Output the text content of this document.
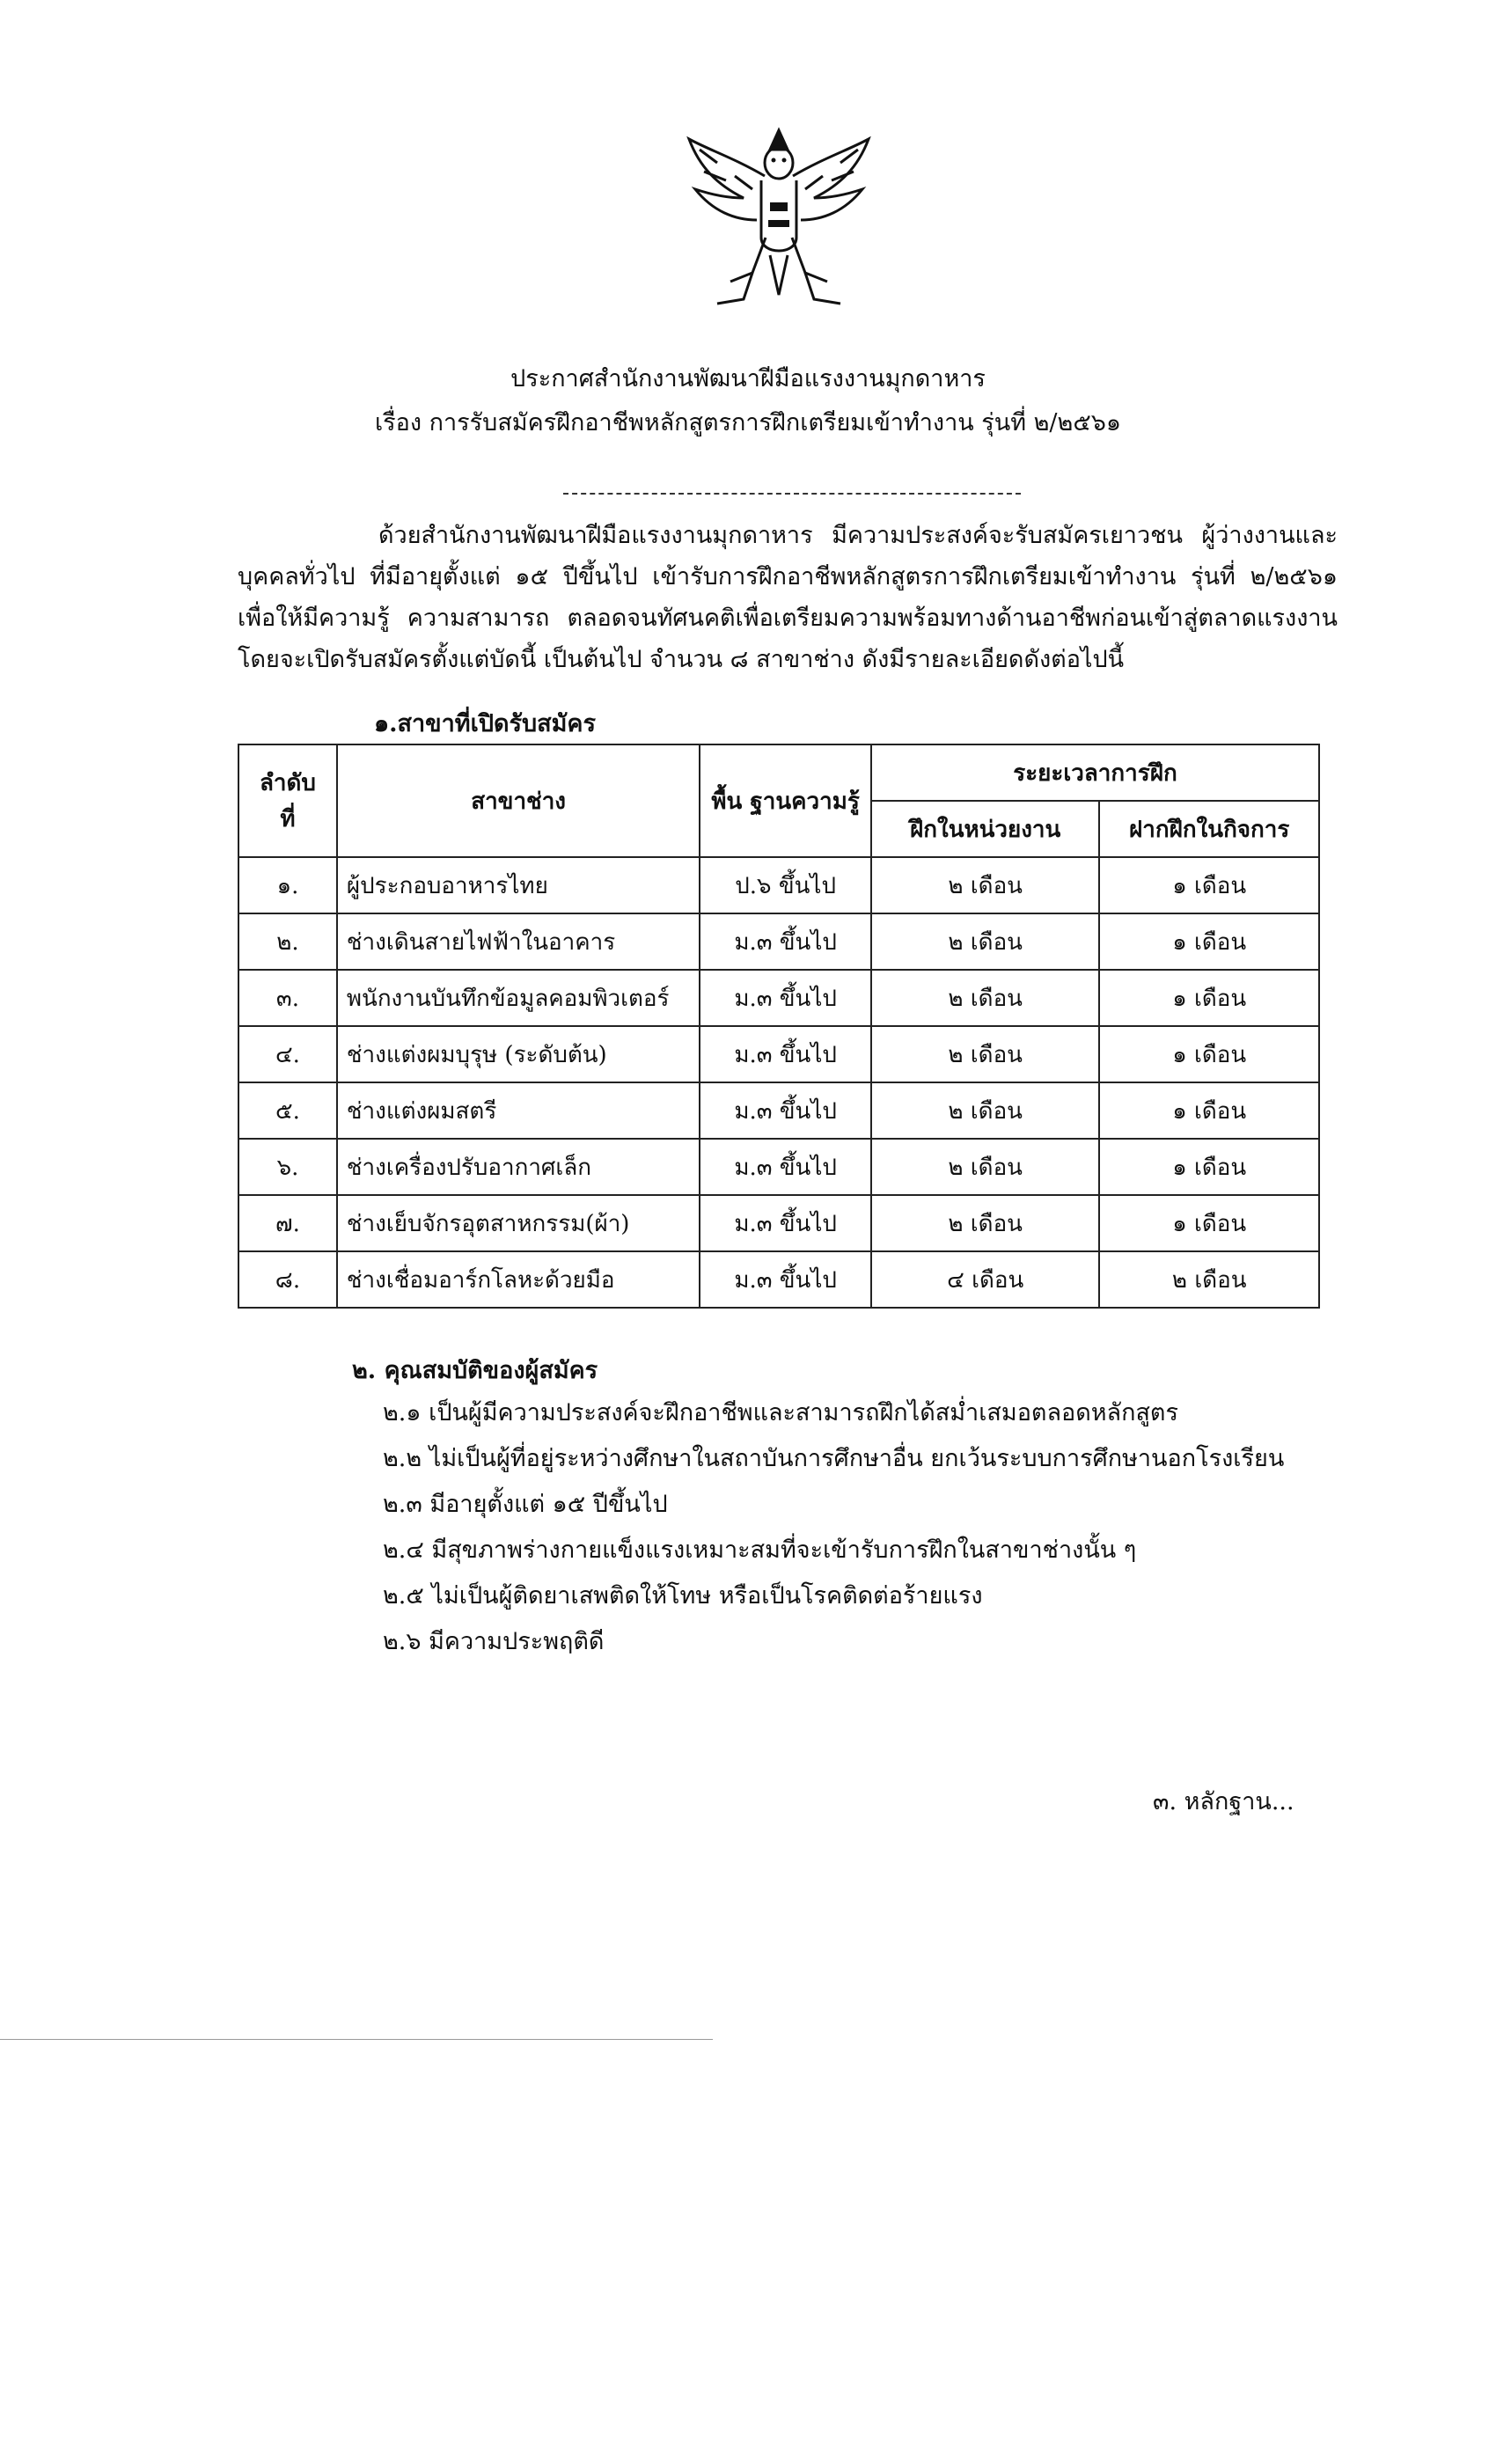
ประกาศสำนักงานพัฒนาฝีมือแรงงานมุกดาหาร
เรื่อง การรับสมัครฝึกอาชีพหลักสูตรการฝึกเตรียมเข้าทำงาน รุ่นที่ ๒/๒๕๖๑

ด้วยสำนักงานพัฒนาฝีมือแรงงานมุกดาหาร มีความประสงค์จะรับสมัครเยาวชน ผู้ว่างงานและบุคคลทั่วไป ที่มีอายุตั้งแต่ ๑๕ ปีขึ้นไป เข้ารับการฝึกอาชีพหลักสูตรการฝึกเตรียมเข้าทำงาน รุ่นที่ ๒/๒๕๖๑ เพื่อให้มีความรู้ ความสามารถ ตลอดจนทัศนคติเพื่อเตรียมความพร้อมทางด้านอาชีพก่อนเข้าสู่ตลาดแรงงาน โดยจะเปิดรับสมัครตั้งแต่บัดนี้ เป็นต้นไป จำนวน ๘ สาขาช่าง ดังมีรายละเอียดดังต่อไปนี้

๑.สาขาที่เปิดรับสมัคร
ลำดับ ที่	สาขาช่าง	พื้น ฐานความรู้	ระยะเวลาการฝึก	
			ฝึกในหน่วยงาน	ฝากฝึกในกิจการ
๑.	ผู้ประกอบอาหารไทย	ป.๖ ขึ้นไป	๒ เดือน	๑ เดือน
๒.	ช่างเดินสายไฟฟ้าในอาคาร	ม.๓ ขึ้นไป	๒ เดือน	๑ เดือน
๓.	พนักงานบันทึกข้อมูลคอมพิวเตอร์	ม.๓ ขึ้นไป	๒ เดือน	๑ เดือน
๔.	ช่างแต่งผมบุรุษ (ระดับต้น)	ม.๓ ขึ้นไป	๒ เดือน	๑ เดือน
๕.	ช่างแต่งผมสตรี	ม.๓ ขึ้นไป	๒ เดือน	๑ เดือน
๖.	ช่างเครื่องปรับอากาศเล็ก	ม.๓ ขึ้นไป	๒ เดือน	๑ เดือน
๗.	ช่างเย็บจักรอุตสาหกรรม(ผ้า)	ม.๓ ขึ้นไป	๒ เดือน	๑ เดือน
๘.	ช่างเชื่อมอาร์กโลหะด้วยมือ	ม.๓ ขึ้นไป	๔ เดือน	๒ เดือน
๒. คุณสมบัติของผู้สมัคร
๒.๑ เป็นผู้มีความประสงค์จะฝึกอาชีพและสามารถฝึกได้สม่ำเสมอตลอดหลักสูตร
๒.๒ ไม่เป็นผู้ที่อยู่ระหว่างศึกษาในสถาบันการศึกษาอื่น ยกเว้นระบบการศึกษานอกโรงเรียน
๒.๓ มีอายุตั้งแต่ ๑๕ ปีขึ้นไป
๒.๔ มีสุขภาพร่างกายแข็งแรงเหมาะสมที่จะเข้ารับการฝึกในสาขาช่างนั้น ๆ
๒.๕ ไม่เป็นผู้ติดยาเสพติดให้โทษ หรือเป็นโรคติดต่อร้ายแรง
๒.๖ มีความประพฤติดี
๓. หลักฐาน...
